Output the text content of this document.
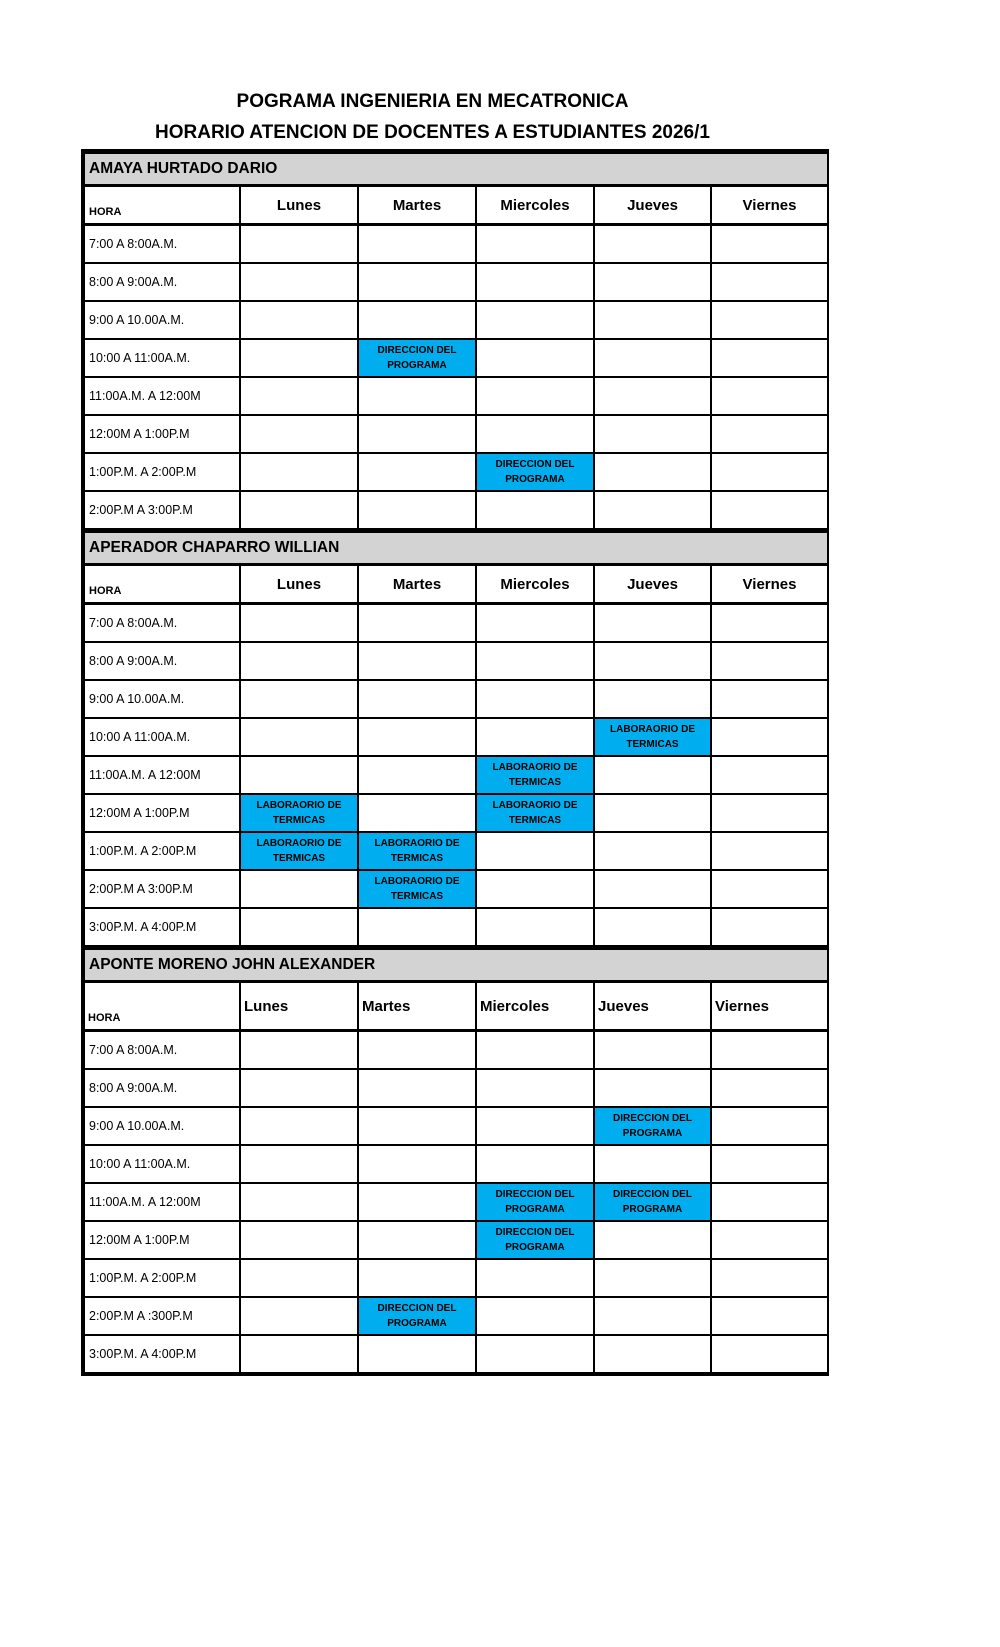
POGRAMA INGENIERIA EN MECATRONICA
HORARIO ATENCION DE DOCENTES A ESTUDIANTES 2026/1
AMAYA HURTADO DARIO					
HORA	Lunes	Martes	Miercoles	Jueves	Viernes
7:00 A 8:00A.M.					
8:00 A 9:00A.M.					
9:00 A 10.00A.M.					
10:00 A 11:00A.M.		DIRECCION DEL PROGRAMA			
11:00A.M. A 12:00M					
12:00M A 1:00P.M					
1:00P.M. A 2:00P.M			DIRECCION DEL PROGRAMA		
2:00P.M A 3:00P.M					
APERADOR CHAPARRO WILLIAN					
HORA	Lunes	Martes	Miercoles	Jueves	Viernes
7:00 A 8:00A.M.					
8:00 A 9:00A.M.					
9:00 A 10.00A.M.					
10:00 A 11:00A.M.				LABORAORIO DE TERMICAS	
11:00A.M. A 12:00M			LABORAORIO DE TERMICAS		
12:00M A 1:00P.M	LABORAORIO DE TERMICAS		LABORAORIO DE TERMICAS		
1:00P.M. A 2:00P.M	LABORAORIO DE TERMICAS	LABORAORIO DE TERMICAS			
2:00P.M A 3:00P.M		LABORAORIO DE TERMICAS			
3:00P.M. A 4:00P.M					
APONTE MORENO JOHN ALEXANDER					
HORA	Lunes	Martes	Miercoles	Jueves	Viernes
7:00 A 8:00A.M.					
8:00 A 9:00A.M.					
9:00 A 10.00A.M.				DIRECCION DEL PROGRAMA	
10:00 A 11:00A.M.					
11:00A.M. A 12:00M			DIRECCION DEL PROGRAMA	DIRECCION DEL PROGRAMA	
12:00M A 1:00P.M			DIRECCION DEL PROGRAMA		
1:00P.M. A 2:00P.M					
2:00P.M A :300P.M		DIRECCION DEL PROGRAMA			
3:00P.M. A 4:00P.M					
